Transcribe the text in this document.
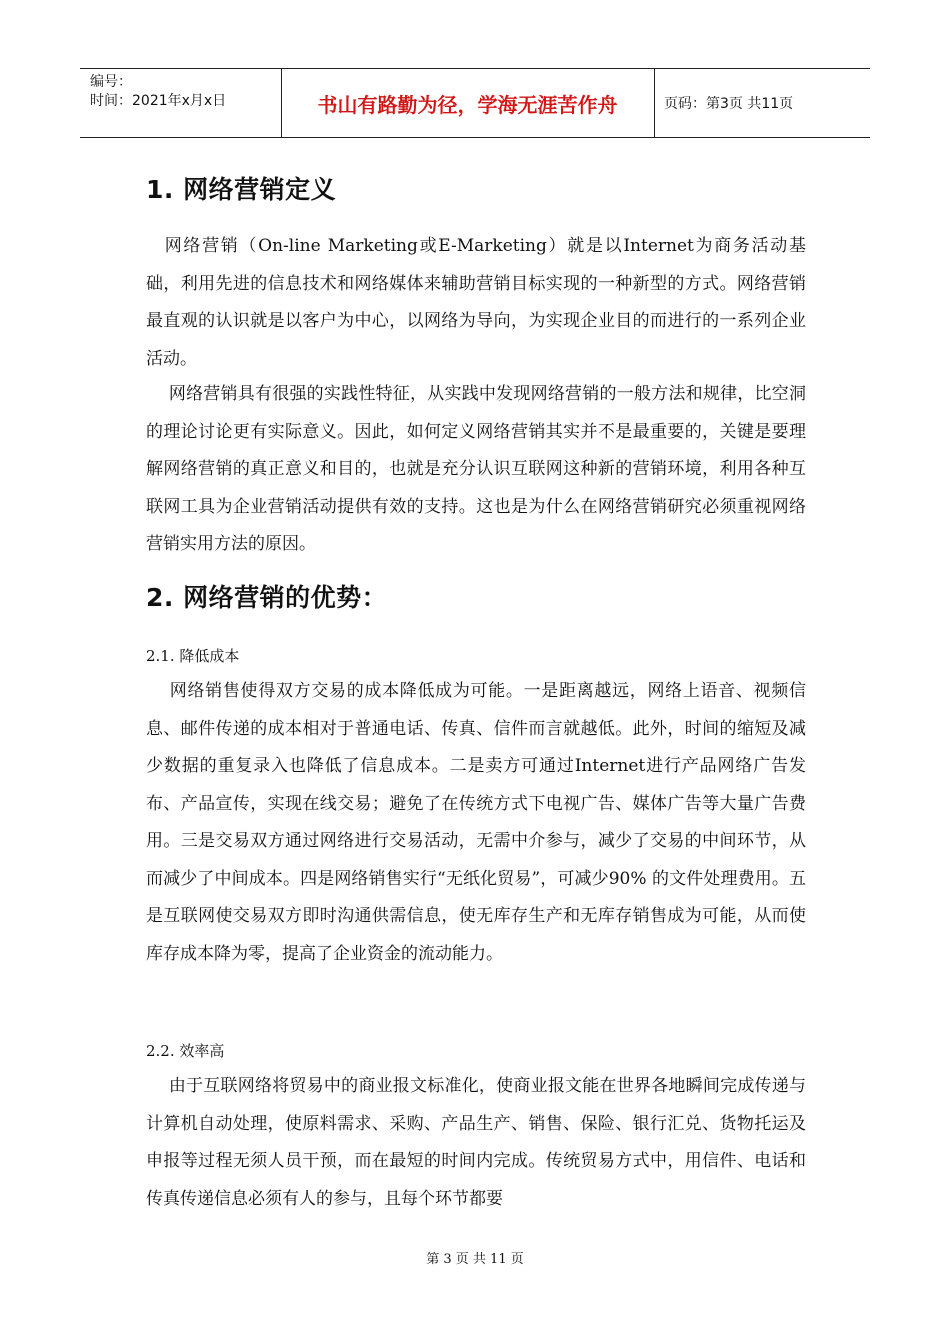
编号：
时间：2021年x月x日	书山有路勤为径，学海无涯苦作舟	页码：第3页 共11页
1. 网络营销定义

　网络营销（On-line Marketing或E-Marketing）就是以Internet为商务活动基础，利用先进的信息技术和网络媒体来辅助营销目标实现的一种新型的方式。网络营销最直观的认识就是以客户为中心，以网络为导向，为实现企业目的而进行的一系列企业活动。

　 网络营销具有很强的实践性特征，从实践中发现网络营销的一般方法和规律，比空洞的理论讨论更有实际意义。因此，如何定义网络营销其实并不是最重要的，关键是要理解网络营销的真正意义和目的，也就是充分认识互联网这种新的营销环境，利用各种互联网工具为企业营销活动提供有效的支持。这也是为什么在网络营销研究必须重视网络营销实用方法的原因。

2. 网络营销的优势：

2.1. 降低成本

　 网络销售使得双方交易的成本降低成为可能。一是距离越远，网络上语音、视频信息、邮件传递的成本相对于普通电话、传真、信件而言就越低。此外，时间的缩短及减少数据的重复录入也降低了信息成本。二是卖方可通过Internet进行产品网络广告发布、产品宣传，实现在线交易；避免了在传统方式下电视广告、媒体广告等大量广告费用。三是交易双方通过网络进行交易活动，无需中介参与，减少了交易的中间环节，从而减少了中间成本。四是网络销售实行“无纸化贸易”，可减少90% 的文件处理费用。五是互联网使交易双方即时沟通供需信息，使无库存生产和无库存销售成为可能，从而使库存成本降为零，提高了企业资金的流动能力。

2.2. 效率高

　 由于互联网络将贸易中的商业报文标准化，使商业报文能在世界各地瞬间完成传递与计算机自动处理，使原料需求、采购、产品生产、销售、保险、银行汇兑、货物托运及申报等过程无须人员干预，而在最短的时间内完成。传统贸易方式中，用信件、电话和传真传递信息必须有人的参与，且每个环节都要

第 3 页 共 11 页
